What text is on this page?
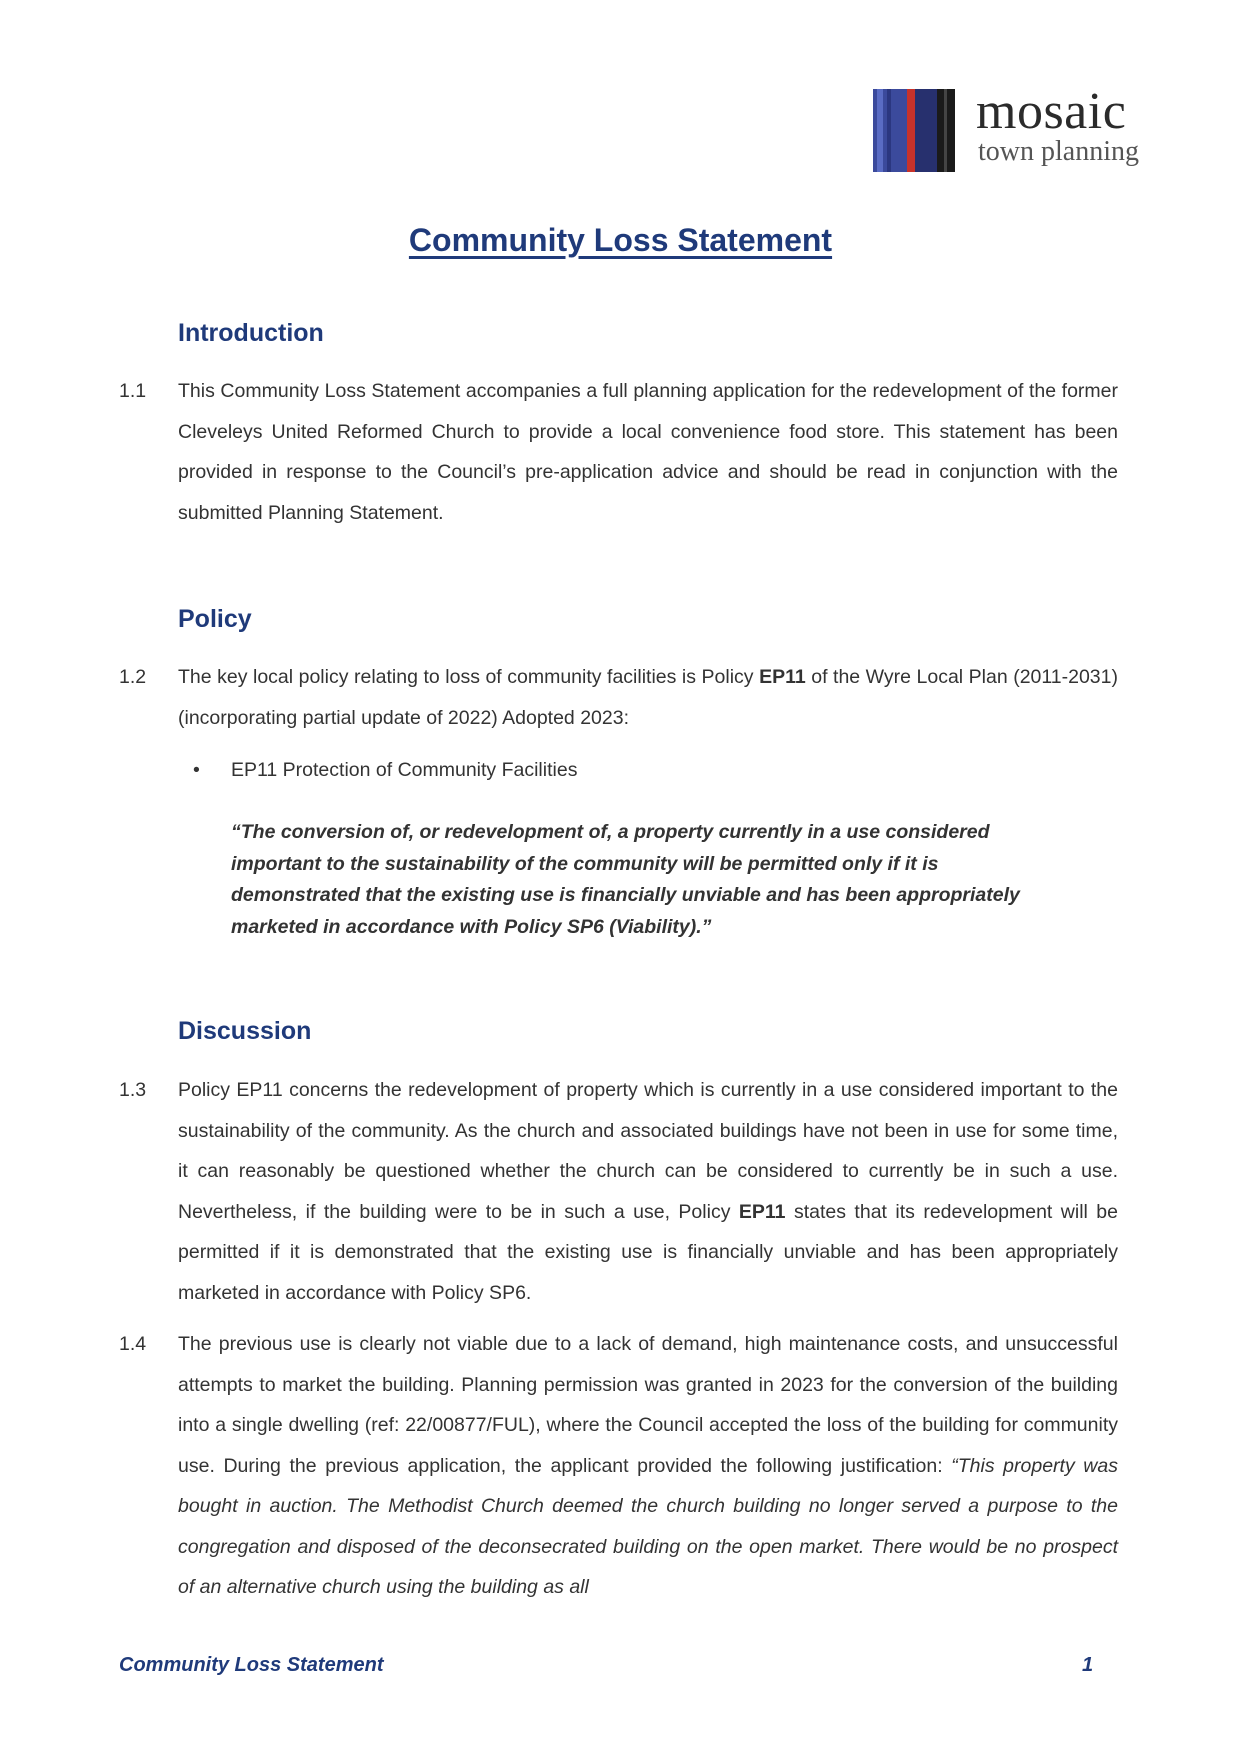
mosaic
town planning
Community Loss Statement
Introduction
1.1 This Community Loss Statement accompanies a full planning application for the redevelopment of the former Cleveleys United Reformed Church to provide a local convenience food store. This statement has been provided in response to the Council’s pre-application advice and should be read in conjunction with the submitted Planning Statement.
Policy
1.2 The key local policy relating to loss of community facilities is Policy EP11 of the Wyre Local Plan (2011-2031) (incorporating partial update of 2022) Adopted 2023:
• EP11 Protection of Community Facilities
“The conversion of, or redevelopment of, a property currently in a use considered important to the sustainability of the community will be permitted only if it is demonstrated that the existing use is financially unviable and has been appropriately marketed in accordance with Policy SP6 (Viability).”
Discussion
1.3 Policy EP11 concerns the redevelopment of property which is currently in a use considered important to the sustainability of the community. As the church and associated buildings have not been in use for some time, it can reasonably be questioned whether the church can be considered to currently be in such a use. Nevertheless, if the building were to be in such a use, Policy EP11 states that its redevelopment will be permitted if it is demonstrated that the existing use is financially unviable and has been appropriately marketed in accordance with Policy SP6.
1.4 The previous use is clearly not viable due to a lack of demand, high maintenance costs, and unsuccessful attempts to market the building. Planning permission was granted in 2023 for the conversion of the building into a single dwelling (ref: 22/00877/FUL), where the Council accepted the loss of the building for community use. During the previous application, the applicant provided the following justification: “This property was bought in auction. The Methodist Church deemed the church building no longer served a purpose to the congregation and disposed of the deconsecrated building on the open market. There would be no prospect of an alternative church using the building as all
Community Loss Statement	1
